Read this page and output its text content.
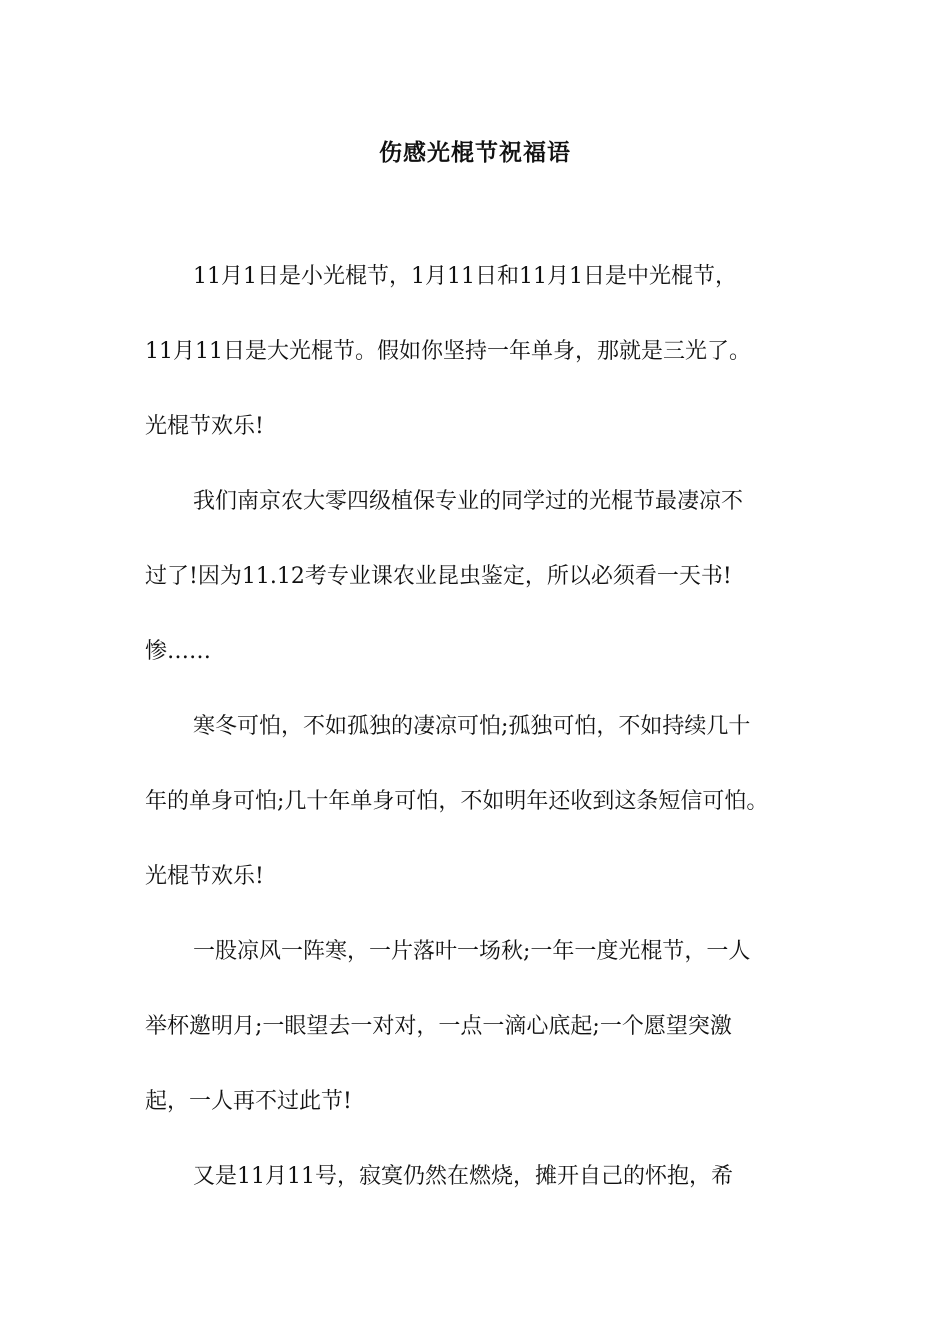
伤感光棍节祝福语
11月1日是小光棍节，1月11日和11月1日是中光棍节，
11月11日是大光棍节。假如你坚持一年单身，那就是三光了。
光棍节欢乐!
我们南京农大零四级植保专业的同学过的光棍节最凄凉不
过了!因为11.12考专业课农业昆虫鉴定，所以必须看一天书!
惨……
寒冬可怕，不如孤独的凄凉可怕;孤独可怕，不如持续几十
年的单身可怕;几十年单身可怕，不如明年还收到这条短信可怕。
光棍节欢乐!
一股凉风一阵寒，一片落叶一场秋;一年一度光棍节，一人
举杯邀明月;一眼望去一对对，一点一滴心底起;一个愿望突激
起，一人再不过此节!
又是11月11号，寂寞仍然在燃烧，摊开自己的怀抱，希
